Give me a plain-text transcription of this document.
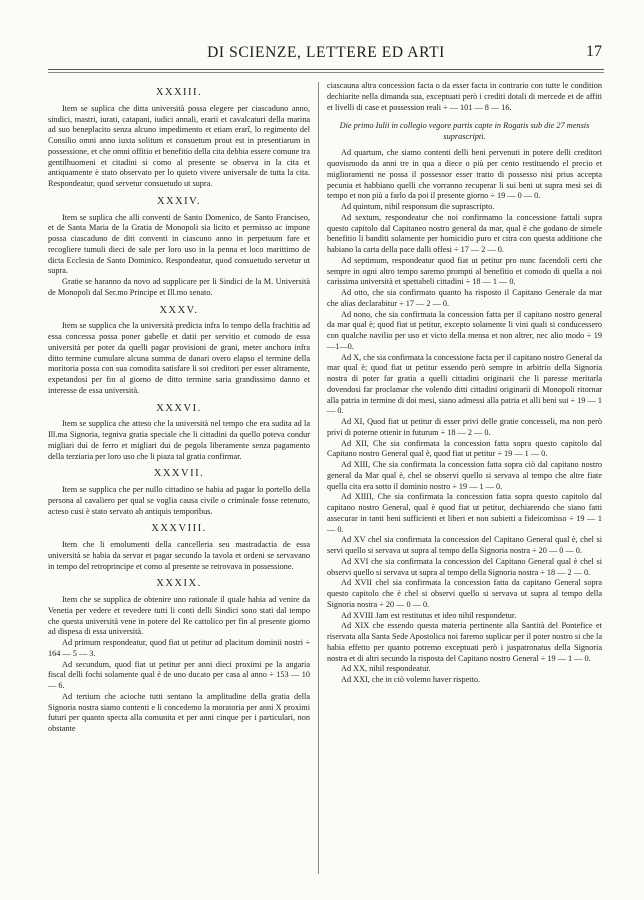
DI SCIENZE, LETTERE ED ARTI	17
XXXIII.

Item se suplica che ditta università possa elegere per ciascaduno anno, sindici, mastri, iurati, catapani, iudici annali, erarii et cavalcaturi della marina ad suo beneplacito senza alcuno impedimento et etiam erarî, lo regimento del Consilio omni anno iuxta solitum et consuetum prout est in presentiarum in possessione, et che omni offitio et benefitio della cita debbia essere comune tra gentilhuomeni et citadini si como al presente se observa in la cita et antiquamente è stato observato per lo quieto vivere universale de tutta la cita. Respondeatur, quod servetur consuetudo ut supra.

XXXIV.

Item se suplica che alli conventi de Santo Domenico, de Santo Franciseo, et de Santa Maria de la Gratia de Monopoli sia licito et permisso ac impune possa ciascaduno de diti conventi in ciascuno anno in perpetuum fare et recogliere tumuli dieci de sale per loro uso in la penna et loco marittimo de dicta Ecclesia de Santo Dominico. Respondeatur, quod consuetudo servetur ut supra.

Gratie se haranno da novo ad supplicare per li Sindici de la M. Università de Monopoli dal Ser.mo Principe et Ill.mo senato.

XXXV.

Item se supplica che la università predicta infra lo tempo della frachitia ad essa concessa possa poner gabelle et datii per servitio et comodo de essa università per poter da quelli pagar provisioni de grani, meter anchora infra ditto termine cumulare alcuna summa de danari overo elapso el termine della moritoria possa con sua comodita satisfare li soi creditori per esser altramente, expetandosi per fin al giorno de ditto termine saria grandissimo danno et interesse de essa università.

XXXVI.

Item se supplica che atteso che la università nel tempo che era sudita ad la Ill.ma Signoria, tegniva gratia speciale che li cittadini da quello poteva condur migliari duì de ferro et migliari dui de pegola liberamente senza pagamento della terziaria per loro uso che li piaza tal gratia confirmar.

XXXVII.

Item se supplica che per nullo cittadino se habia ad pagar lo portello della persona al cavaliero per qual se voglia causa civile o criminale fosse retenuto, acteso cusi è stato servato ab antiquis temporibus.

XXXVIII.

Item che li emolumenti della cancelleria seu mastradactia de essa università se habia da servar et pagar secundo la tavola et ordeni se servavano in tempo del retroprincipe et como al presente se retrovava in possessione.

XXXIX.

Item che se supplica de obtenire uno rationale il quale habia ad venire da Venetia per vedere et revedere tutti li conti delli Sindici sono stati dal tempo che questa università vene in potere del Re cattolico per fin al presente giorno ad dispesa di essa università.

Ad primum respondeatur, quod fiat ut petitur ad placitum dominii nostri ÷ 164 — 5 — 3.

Ad secundum, quod fiat ut petitur per anni dieci proximi pe la angaria fiscal delli fochi solamente qual è de uno ducato per casa al anno ÷ 153 — 10 — 6.

Ad tertium che acioche tutti sentano la amplitudine della gratia della Signoria nostra siamo contenti e li concedemo la moratoria per anni X proximi futuri per quanto specta alla comunita et per anni cinque per i particulari, non obstante

ciascauna altra concession facta o da esser facta in contrario con tutte le condition dechiarite nella dimanda sua, exceptuati però i crediti dotali di mercede et de affiti et livelli di case et possession reali ÷ — 101 — 8 — 16.

Die primo Iulii in collegio vegore partis capte in Rogatis sub die 27 mensis suprascripti.

Ad quartum, che siamo contenti delli beni pervenuti in potere delli creditori quovismodo da anni tre in qua a diece o più per cento restituendo el precio et miglioramenti ne possa il possessor esser tratto di possesso nisi prius accepta pecunia et habbiano quelli che vorranno recuperar li sui beni ut supra mesi sei di tempo et non più a farlo da poi il presente giorno ÷ 19 — 0 — 0.

Ad quintum, nihil responsum die suprascripto.

Ad sextum, respondeatur che noi confirmamo la concessione fattali supra questo capitolo dal Capitaneo nostro general da mar, qual è che godano de simele benefitio li banditi solamente per homicidio puro et citra con questa additione che habiano la carta della pace dalli offesi ÷ 17 — 2 — 0.

Ad septimum, respondeatur quod fiat ut petitur pro nunc facendoli certi che sempre in ogni altro tempo saremo prompti al benefitio et comodo di quella a noi carissima università et spettabeli cittadini ÷ 18 — 1 — 0.

Ad otto, che sia confirmato quanto ha risposto il Capitano Generale da mar che alias declarabitur ÷ 17 — 2 — 0.

Ad nono, che sia confirmata la concession fatta per il capitano nostro general da mar qual è; quod fiat ut petitur, excepto solamente li vini quali si conducessero con qualche navilio per uso et victo della mensa et non altrer, nec alio modo ÷ 19—1—0.

Ad X, che sia confirmata la concessione facta per il capitano nostro General da mar qual è; quod fiat ut petitur essendo però sempre in arbitrio della Signoria nostra di poter far gratia a quelli cittadini originarii che li paresse meritarla dovendosi far proclamar che volendo ditti cittadini originarii di Monopoli ritornar alla patria in termine di doi mesi, siano admessi alla patria et alli beni sui ÷ 19 — 1 — 0.

Ad XI, Quod fiat ut petitur di esser privi delle gratie concesseli, ma non però privi di poterne ottenir in futurum ÷ 18 — 2 — 0.

Ad XII, Che sia confirmata la concession fatta sopra questo capitolo dal Capitano nostro General qual è, quod fiat ut petitur ÷ 19 — 1 — 0.

Ad XIII, Che sia confirmata la concession fatta sopra ciò dal capitano nostro general da Mar qual è, chel se observi quello si servava al tempo che altre fiate quella cita era sotto il dominio nostro ÷ 19 — 1 — 0.

Ad XIIII, Che sia confirmata la concession fatta sopra questo capitolo dal capitano nostro General, qual è quod fiat ut petitur, dechiarendo che siano fatti assecurar in tanti beni sufficienti et liberi et non subietti a fideicomisso ÷ 19 — 1 — 0.

Ad XV chel sia confirmata la concession del Capitano General qual è, chel si servi quello si servava ut supra al tempo della Signoria nostra ÷ 20 — 0 — 0.

Ad XVI che sia confirmata la concession del Capitano General qual è chel si observi quello si servava ut supra al tempo della Signoria nostra ÷ 18 — 2 — 0.

Ad XVII chel sia confirmata la concession fatta da capitano General sopra questo capitolo che è chel si observi quello si servava ut supra al tempo della Signoria nostra ÷ 20 — 0 — 0.

Ad XVIII Jam est restitutus et ideo nihil respondetur.

Ad XIX che essendo questa materia pertinente alla Santità del Pontefice et riservata alla Santa Sede Apostolica noi faremo suplicar per il poter nostro si che la habia effetto per quanto potremo exceptuati però i juspatronatus della Signoria nostra et di altri secundo la risposta del Capitano nostro General ÷ 19 — 1 — 0.

Ad XX, nihil respondeatur.

Ad XXI, che in ciò volemo haver rispetto.
